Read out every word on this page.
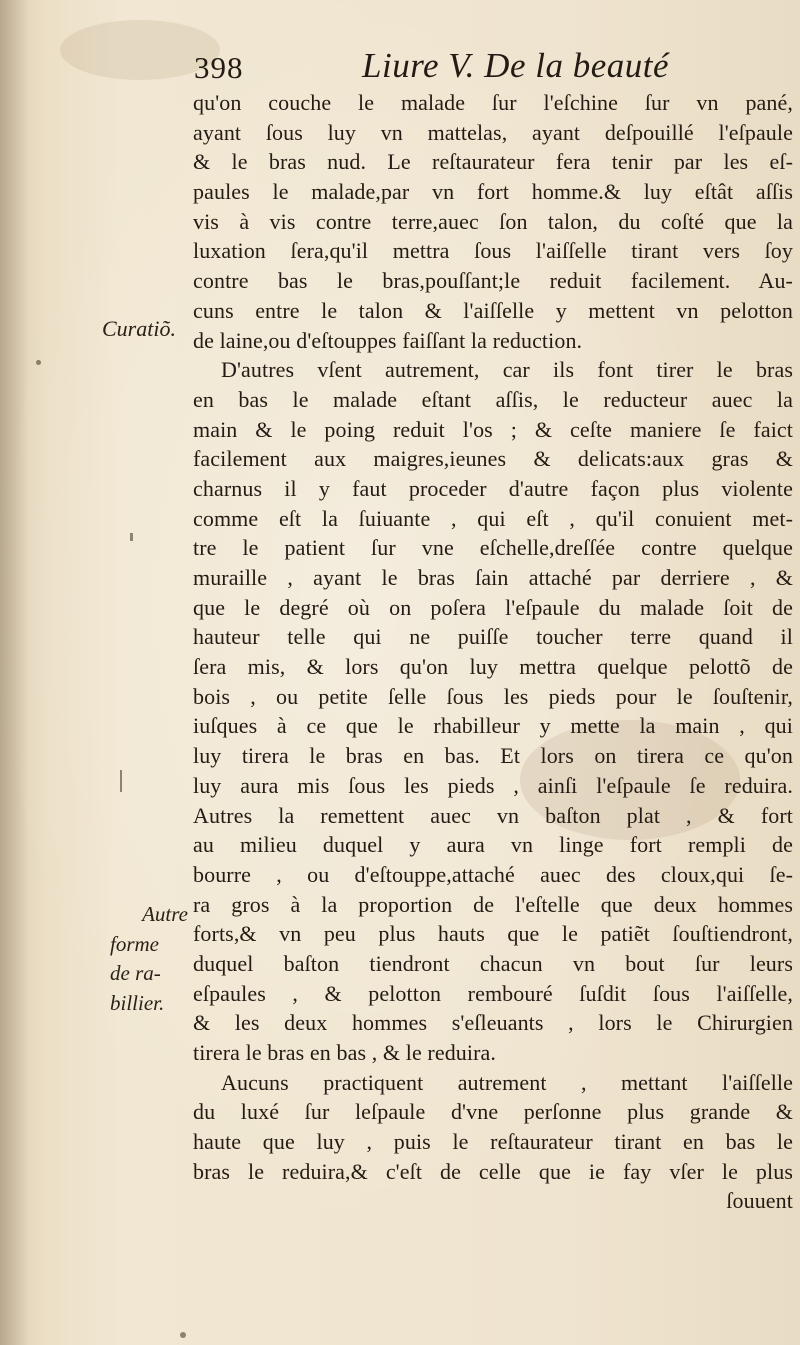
398	Liure V. De la beauté
Curatiõ.
Autre
forme
de ra-
billier.
qu'on couche le malade ſur l'eſchine ſur vn pané,
ayant ſous luy vn mattelas, ayant deſpouillé l'eſpaule
& le bras nud. Le reſtaurateur fera tenir par les eſ-
paules le malade,par vn fort homme.& luy eſtât aſſis
vis à vis contre terre,auec ſon talon, du coſté que la
luxation ſera,qu'il mettra ſous l'aiſſelle tirant vers ſoy
contre bas le bras,pouſſant;le reduit facilement. Au-
cuns entre le talon & l'aiſſelle y mettent vn pelotton
de laine,ou d'eſtouppes faiſſant la reduction.
D'autres vſent autrement, car ils font tirer le bras
en bas le malade eſtant aſſis, le reducteur auec la
main & le poing reduit l'os ; & ceſte maniere ſe faict
facilement aux maigres,ieunes & delicats:aux gras &
charnus il y faut proceder d'autre façon plus violente
comme eſt la ſuiuante , qui eſt , qu'il conuient met-
tre le patient ſur vne eſchelle,dreſſée contre quelque
muraille , ayant le bras ſain attaché par derriere , &
que le degré où on poſera l'eſpaule du malade ſoit de
hauteur telle qui ne puiſſe toucher terre quand il
ſera mis, & lors qu'on luy mettra quelque pelottõ de
bois , ou petite ſelle ſous les pieds pour le ſouſtenir,
iuſques à ce que le rhabilleur y mette la main , qui
luy tirera le bras en bas. Et lors on tirera ce qu'on
luy aura mis ſous les pieds , ainſi l'eſpaule ſe reduira.
Autres la remettent auec vn baſton plat , & fort
au milieu duquel y aura vn linge fort rempli de
bourre , ou d'eſtouppe,attaché auec des cloux,qui ſe-
ra gros à la proportion de l'eſtelle que deux hommes
forts,& vn peu plus hauts que le patiẽt ſouſtiendront,
duquel baſton tiendront chacun vn bout ſur leurs
eſpaules , & pelotton rembouré ſuſdit ſous l'aiſſelle,
& les deux hommes s'eſleuants , lors le Chirurgien
tirera le bras en bas , & le reduira.
Aucuns practiquent autrement , mettant l'aiſſelle
du luxé ſur leſpaule d'vne perſonne plus grande &
haute que luy , puis le reſtaurateur tirant en bas le
bras le reduira,& c'eſt de celle que ie fay vſer le plus
ſouuent
